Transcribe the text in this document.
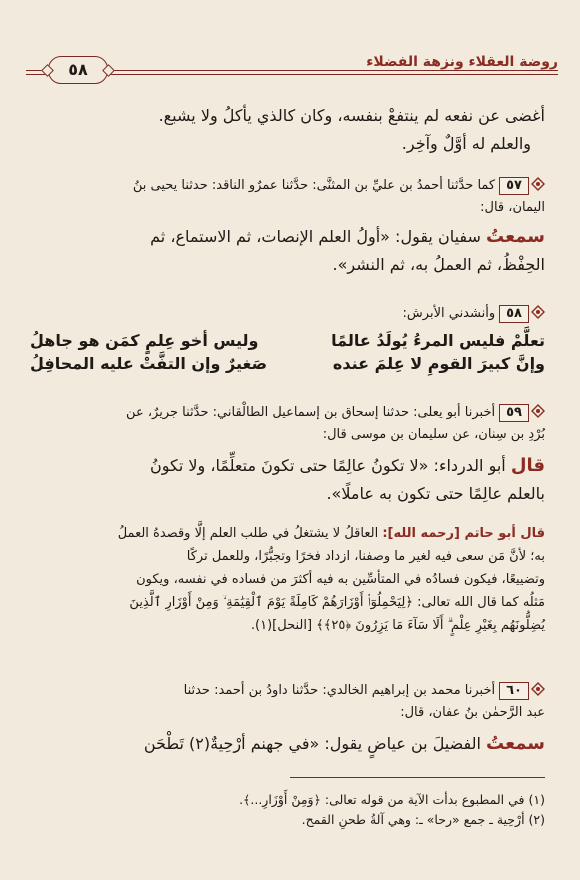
روضة العقلاء ونزهة الفضلاء
٥٨
أغضى عن نفعه لم ينتفعْ بنفسه، وكان كالذي يأكلُ ولا يشبع.
والعلم له أوَّلٌ وآخِر.
٥٧كما حدَّثنا أحمدُ بن عليِّ بن المثنَّى: حدَّثنا عمرٌو الناقد: حدثنا يحيى بنُ
اليمان، قال:
سمعتُ سفيان يقول: «أولُ العلم الإنصات، ثم الاستماع، ثم
الحِفْظُ، ثم العملُ به، ثم النشر».
٥٨وأنشدني الأبرش:
تعلَّمْ فليس المرءُ يُولَدُ عالمًا
وليس أخو عِلمٍ كمَن هو جاهلُ
وإنَّ كبيرَ القومِ لا عِلمَ عنده
صَغيرٌ وإن التفَّتْ عليه المحافِلُ
٥٩أخبرنا أبو يعلى: حدثنا إسحاق بن إسماعيل الطالْقاني: حدَّثنا جريرٌ، عن
بُرْدِ بن سِنان، عن سليمان بن موسى قال:
قال أبو الدرداء: «لا تكونُ عالِمًا حتى تكونَ متعلِّمًا، ولا تكونُ
بالعلم عالِمًا حتى تكون به عاملًا».
قال أبو حاتم [رحمه الله]: العاقلُ لا يشتغلُ في طلب العلم إلَّا وقصدهُ العملُ
به؛ لأنَّ مَن سعى فيه لغير ما وصفنا، ازداد فخرًا وتجبُّرًا، وللعمل تركًا
وتضييعًا، فيكون فسادُه في المتأسِّين به فيه أكثرَ من فساده في نفسه، ويكون
مَثلُه كما قال الله تعالى: ﴿لِيَحْمِلُوٓا۟ أَوْزَارَهُمْ كَامِلَةً يَوْمَ ٱلْقِيَٰمَةِ ۙ وَمِنْ أَوْزَارِ ٱلَّذِينَ
يُضِلُّونَهُم بِغَيْرِ عِلْمٍ ۗ أَلَا سَآءَ مَا يَزِرُونَ ﴿٢٥﴾﴾ [النحل](١).
٦٠أخبرنا محمد بن إبراهيم الخالدي: حدَّثنا داودُ بن أحمد: حدثنا
عبد الرَّحمٰن بنُ عفان، قال:
سمعتُ الفضيلَ بن عياضٍ يقول: «في جهنم أرْحِيةٌ(٢) تَطْحَن
(١) في المطبوع بدأت الآية من قوله تعالى: ﴿وَمِنْ أَوْزَارِ...﴾.
(٢) أرْحِية ـ جمع «رحا» ـ: وهي آلةُ طحنِ القمح.
